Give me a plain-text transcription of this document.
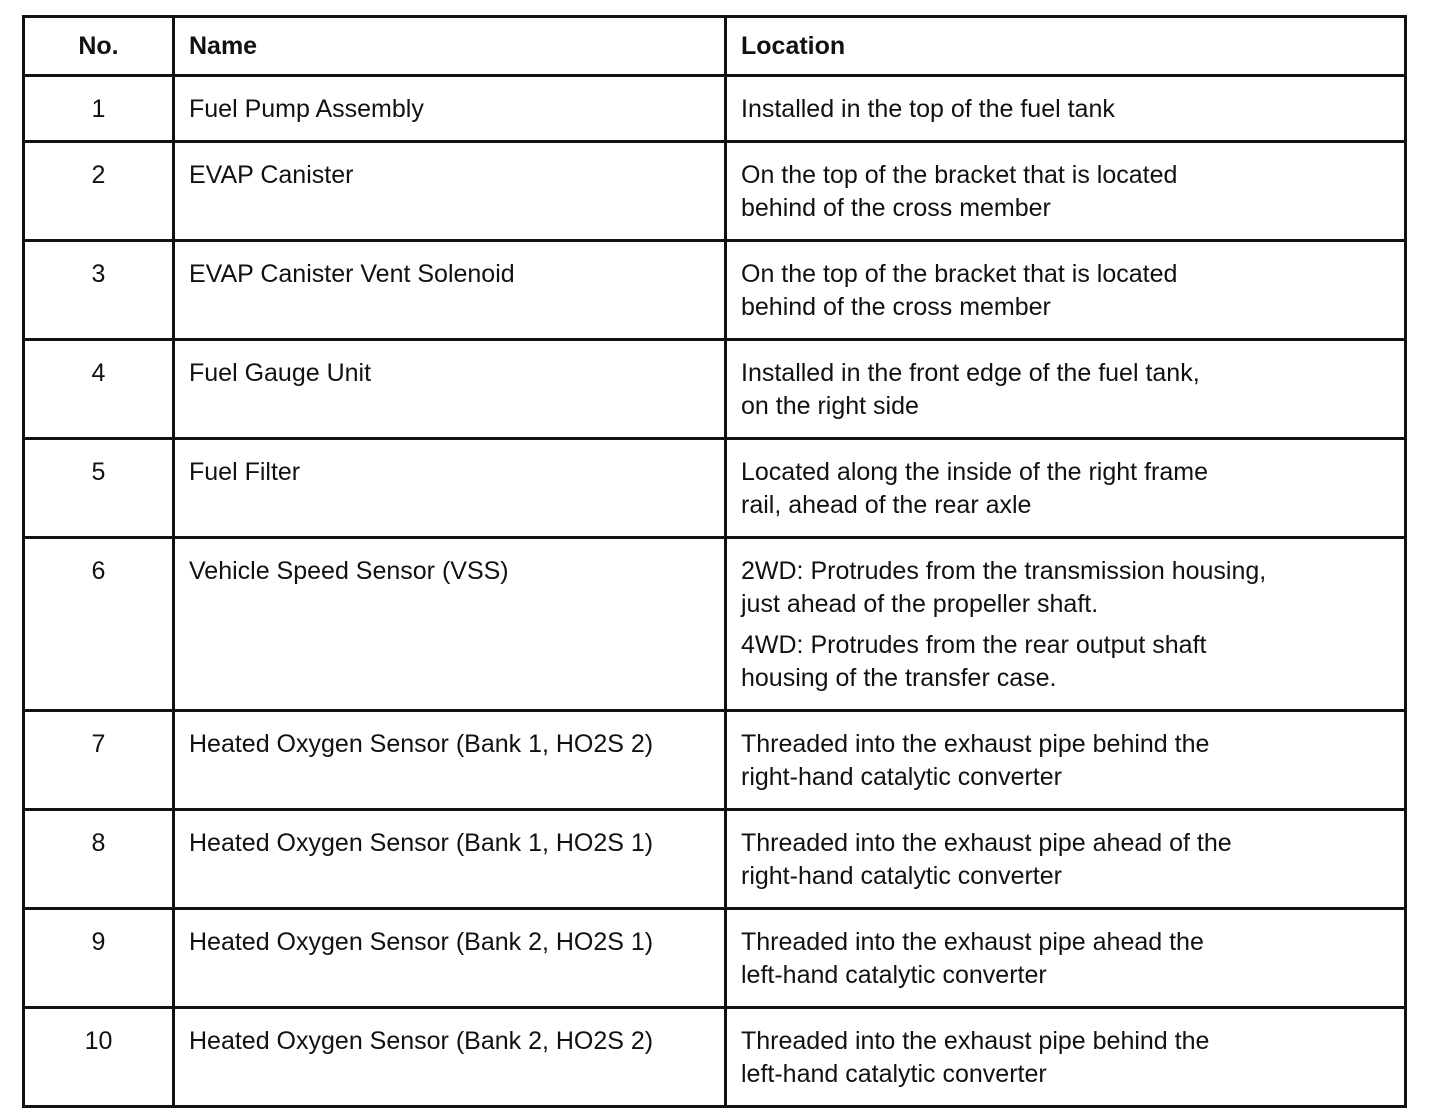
No.	Name	Location
1	Fuel Pump Assembly	Installed in the top of the fuel tank

2	EVAP Canister	On the top of the bracket that is located
behind of the cross member

3	EVAP Canister Vent Solenoid	On the top of the bracket that is located
behind of the cross member

4	Fuel Gauge Unit	Installed in the front edge of the fuel tank,
on the right side

5	Fuel Filter	Located along the inside of the right frame
rail, ahead of the rear axle

6	Vehicle Speed Sensor (VSS)	2WD: Protrudes from the transmission housing,
just ahead of the propeller shaft.
4WD: Protrudes from the rear output shaft
housing of the transfer case.

7	Heated Oxygen Sensor (Bank 1, HO2S 2)	Threaded into the exhaust pipe behind the
right-hand catalytic converter

8	Heated Oxygen Sensor (Bank 1, HO2S 1)	Threaded into the exhaust pipe ahead of the
right-hand catalytic converter

9	Heated Oxygen Sensor (Bank 2, HO2S 1)	Threaded into the exhaust pipe ahead the
left-hand catalytic converter

10	Heated Oxygen Sensor (Bank 2, HO2S 2)	Threaded into the exhaust pipe behind the
left-hand catalytic converter
